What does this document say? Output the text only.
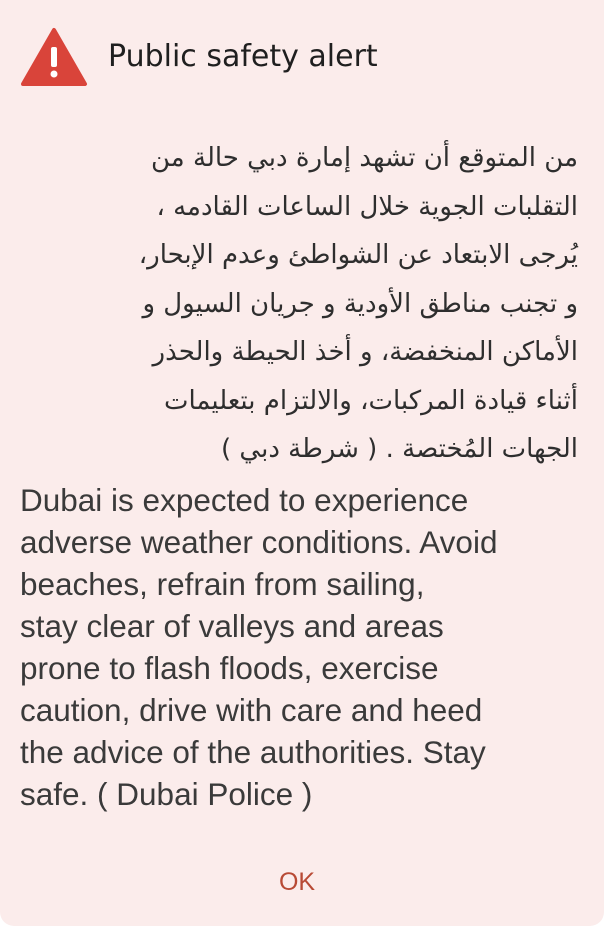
Public safety alert
من المتوقع أن تشهد إمارة دبي حالة من
التقلبات الجوية خلال الساعات القادمه ،
يُرجى الابتعاد عن الشواطئ وعدم الإبحار،
و تجنب مناطق الأودية و جريان السيول و
الأماكن المنخفضة، و أخذ الحيطة والحذر
أثناء قيادة المركبات، والالتزام بتعليمات
الجهات المُختصة . ( شرطة دبي )
Dubai is expected to experience
adverse weather conditions. Avoid
beaches, refrain from sailing,
stay clear of valleys and areas
prone to flash floods, exercise
caution, drive with care and heed
the advice of the authorities. Stay
safe. ( Dubai Police )
OK
